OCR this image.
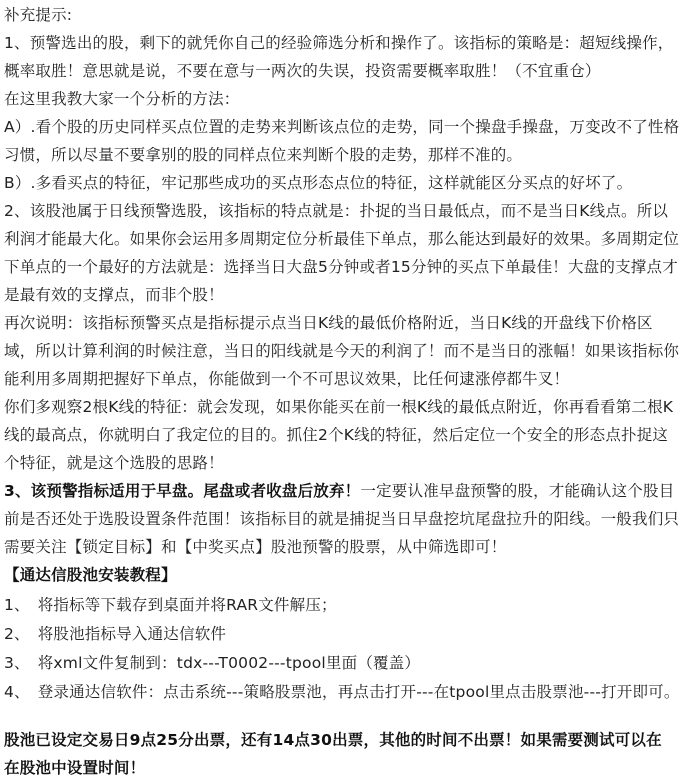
补充提示:
1、预警选出的股，剩下的就凭你自己的经验筛选分析和操作了。该指标的策略是：超短线操作，
概率取胜！意思就是说，不要在意与一两次的失误，投资需要概率取胜！（不宜重仓）
在这里我教大家一个分析的方法：
A）.看个股的历史同样买点位置的走势来判断该点位的走势，同一个操盘手操盘，万变改不了性格
习惯，所以尽量不要拿别的股的同样点位来判断个股的走势，那样不准的。
B）.多看买点的特征，牢记那些成功的买点形态点位的特征，这样就能区分买点的好坏了。
2、该股池属于日线预警选股，该指标的特点就是：扑捉的当日最低点，而不是当日K线点。所以
利润才能最大化。如果你会运用多周期定位分析最佳下单点，那么能达到最好的效果。多周期定位
下单点的一个最好的方法就是：选择当日大盘5分钟或者15分钟的买点下单最佳！大盘的支撑点才
是最有效的支撑点，而非个股！
再次说明：该指标预警买点是指标提示点当日K线的最低价格附近，当日K线的开盘线下价格区
域，所以计算利润的时候注意，当日的阳线就是今天的利润了！而不是当日的涨幅！如果该指标你
能利用多周期把握好下单点，你能做到一个不可思议效果，比任何逮涨停都牛叉！
你们多观察2根K线的特征：就会发现，如果你能买在前一根K线的最低点附近，你再看看第二根K
线的最高点，你就明白了我定位的目的。抓住2个K线的特征，然后定位一个安全的形态点扑捉这
个特征，就是这个选股的思路！
3、该预警指标适用于早盘。尾盘或者收盘后放弃！一定要认准早盘预警的股，才能确认这个股目
前是否还处于选股设置条件范围！该指标目的就是捕捉当日早盘挖坑尾盘拉升的阳线。一般我们只
需要关注【锁定目标】和【中奖买点】股池预警的股票，从中筛选即可！
【通达信股池安装教程】
1、　将指标等下载存到桌面并将RAR文件解压；
2、　将股池指标导入通达信软件
3、　将xml文件复制到：tdx---T0002---tpool里面（覆盖）
4、　登录通达信软件：点击系统---策略股票池，再点击打开---在tpool里点击股票池---打开即可。
股池已设定交易日9点25分出票，还有14点30出票，其他的时间不出票！如果需要测试可以在
在股池中设置时间！
